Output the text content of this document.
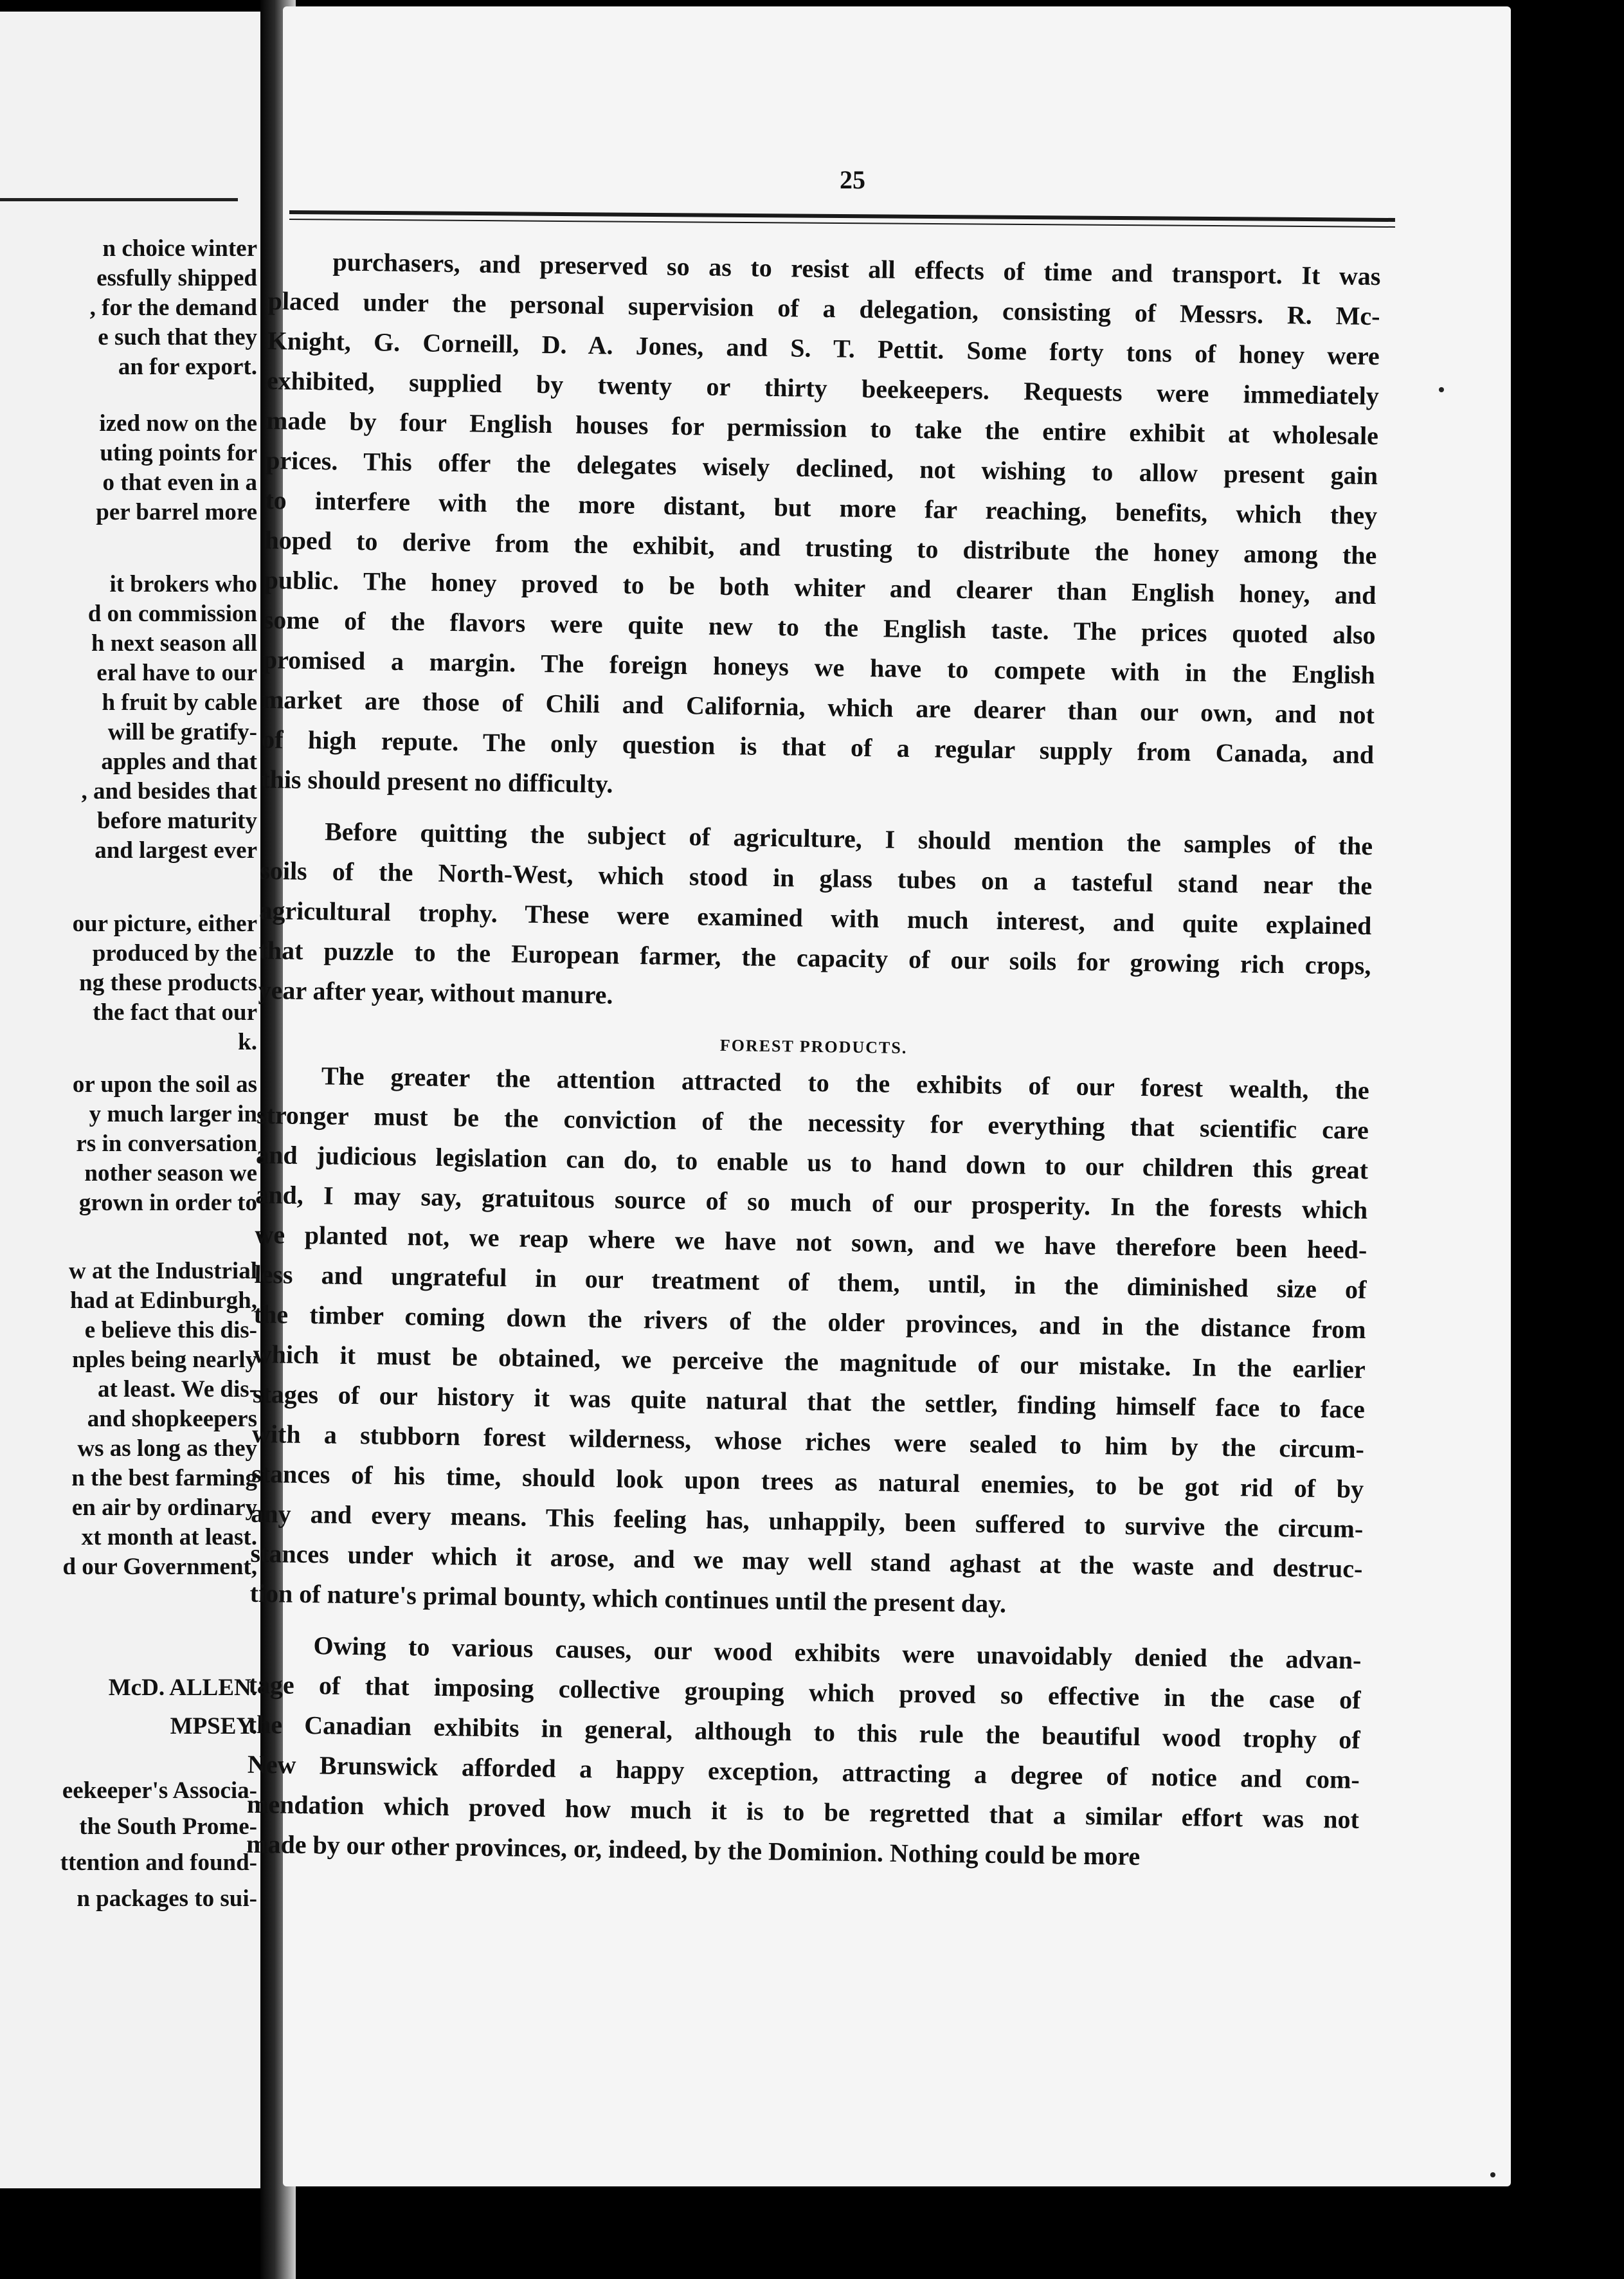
n choice winter
essfully shipped
, for the demand
e such that they
an for export.
ized now on the
uting points for
o that even in a
per barrel more
it brokers who
d on commission
h next season all
eral have to our
h fruit by cable
will be gratify-
apples and that
, and besides that
before maturity
and largest ever
our picture, either
produced by the
ng these products
the fact that our
k.
or upon the soil as
y much larger in
rs in conversation
nother season we
grown in order to
w at the Industrial
had at Edinburgh,
e believe this dis-
nples being nearly
at least. We dis-
and shopkeepers
ws as long as they
n the best farming
en air by ordinary
xt month at least.
d our Government,
McD. ALLEN.
MPSEY.
eekeeper's Associa-
the South Prome-
ttention and found-
n packages to sui-
25
purchasers, and preserved so as to resist all effects of time and transport. It was
placed under the personal supervision of a delegation, consisting of Messrs. R. Mc-
Knight, G. Corneill, D. A. Jones, and S. T. Pettit. Some forty tons of honey were
exhibited, supplied by twenty or thirty beekeepers. Requests were immediately
made by four English houses for permission to take the entire exhibit at wholesale
prices. This offer the delegates wisely declined, not wishing to allow present gain
to interfere with the more distant, but more far reaching, benefits, which they
hoped to derive from the exhibit, and trusting to distribute the honey among the
public. The honey proved to be both whiter and clearer than English honey, and
some of the flavors were quite new to the English taste. The prices quoted also
promised a margin. The foreign honeys we have to compete with in the English
market are those of Chili and California, which are dearer than our own, and not
of high repute. The only question is that of a regular supply from Canada, and
this should present no difficulty.
Before quitting the subject of agriculture, I should mention the samples of the
soils of the North-West, which stood in glass tubes on a tasteful stand near the
agricultural trophy. These were examined with much interest, and quite explained
that puzzle to the European farmer, the capacity of our soils for growing rich crops,
year after year, without manure.
FOREST PRODUCTS.
The greater the attention attracted to the exhibits of our forest wealth, the
stronger must be the conviction of the necessity for everything that scientific care
and judicious legislation can do, to enable us to hand down to our children this great
and, I may say, gratuitous source of so much of our prosperity. In the forests which
we planted not, we reap where we have not sown, and we have therefore been heed-
less and ungrateful in our treatment of them, until, in the diminished size of
the timber coming down the rivers of the older provinces, and in the distance from
which it must be obtained, we perceive the magnitude of our mistake. In the earlier
stages of our history it was quite natural that the settler, finding himself face to face
with a stubborn forest wilderness, whose riches were sealed to him by the circum-
stances of his time, should look upon trees as natural enemies, to be got rid of by
any and every means. This feeling has, unhappily, been suffered to survive the circum-
stances under which it arose, and we may well stand aghast at the waste and destruc-
tion of nature's primal bounty, which continues until the present day.
Owing to various causes, our wood exhibits were unavoidably denied the advan-
tage of that imposing collective grouping which proved so effective in the case of
the Canadian exhibits in general, although to this rule the beautiful wood trophy of
New Brunswick afforded a happy exception, attracting a degree of notice and com-
mendation which proved how much it is to be regretted that a similar effort was not
made by our other provinces, or, indeed, by the Dominion. Nothing could be more
